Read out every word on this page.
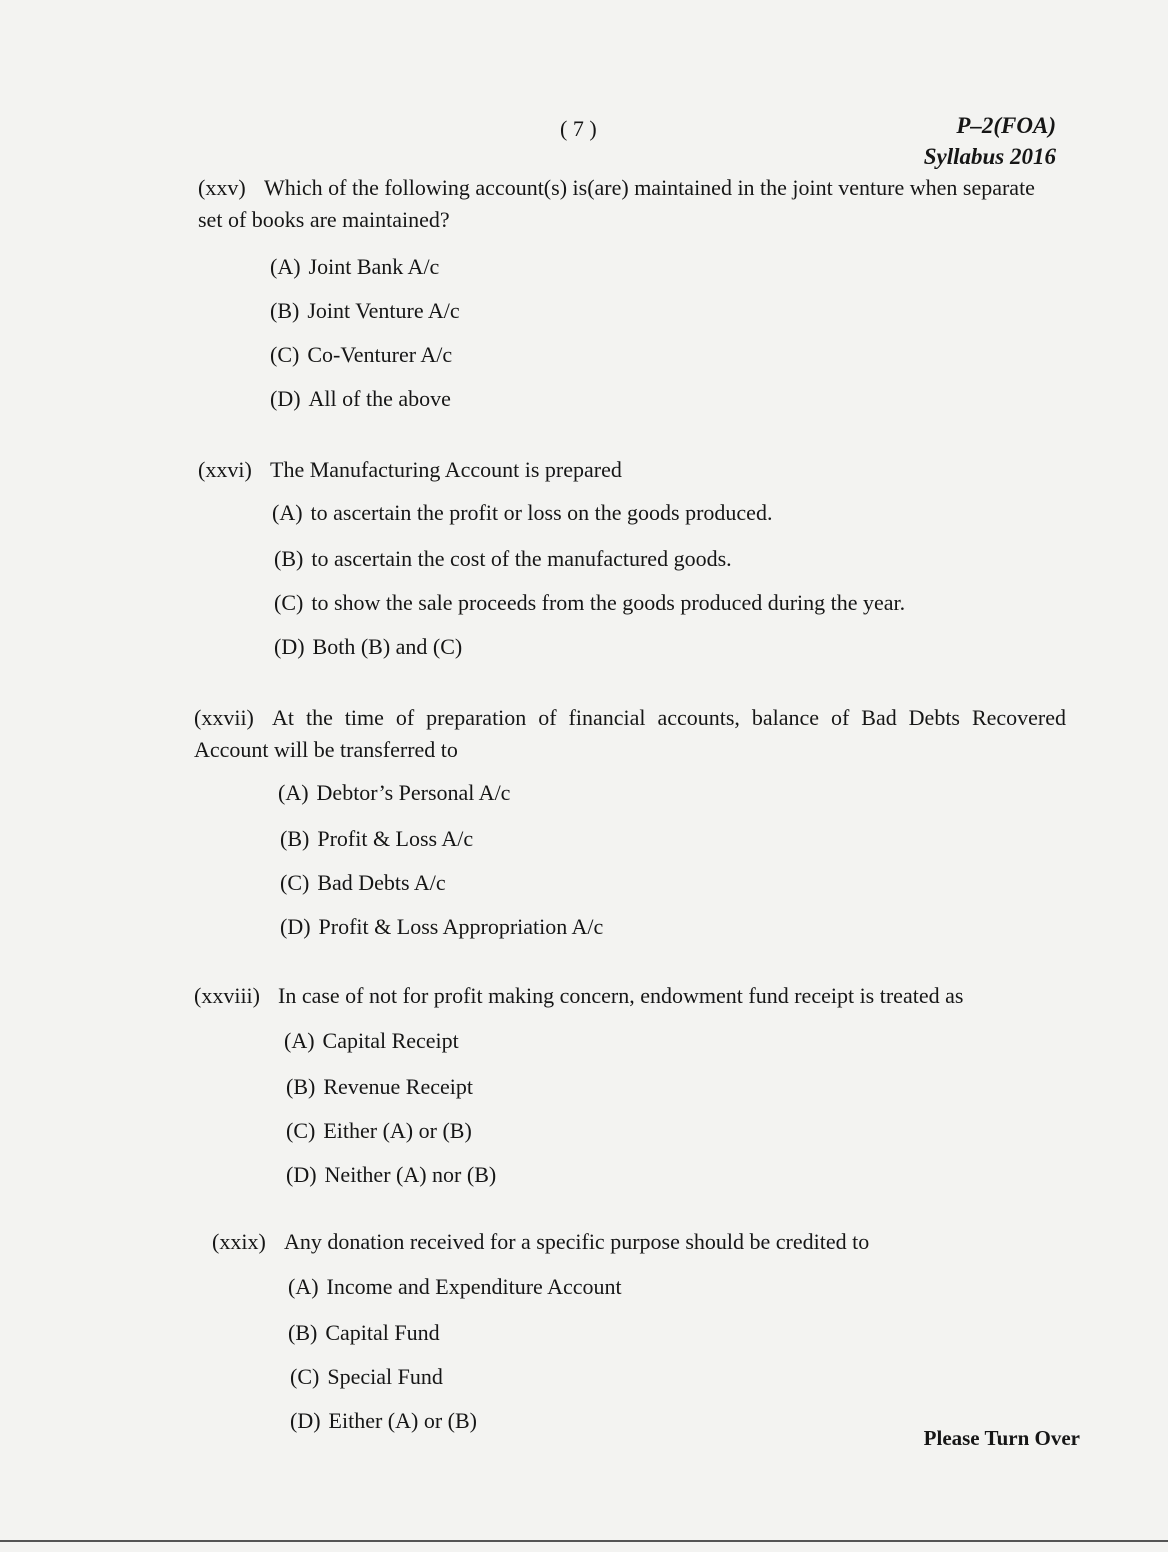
( 7 )	P–2(FOA)
Syllabus 2016
(xxv) Which of the following account(s) is(are) maintained in the joint venture when separate set of books are maintained?
(A) Joint Bank A/c
(B) Joint Venture A/c
(C) Co-Venturer A/c
(D) All of the above
(xxvi) The Manufacturing Account is prepared
(A) to ascertain the profit or loss on the goods produced.
(B) to ascertain the cost of the manufactured goods.
(C) to show the sale proceeds from the goods produced during the year.
(D) Both (B) and (C)
(xxvii) At the time of preparation of financial accounts, balance of Bad Debts Recovered Account will be transferred to
(A) Debtor’s Personal A/c
(B) Profit & Loss A/c
(C) Bad Debts A/c
(D) Profit & Loss Appropriation A/c
(xxviii) In case of not for profit making concern, endowment fund receipt is treated as
(A) Capital Receipt
(B) Revenue Receipt
(C) Either (A) or (B)
(D) Neither (A) nor (B)
(xxix) Any donation received for a specific purpose should be credited to
(A) Income and Expenditure Account
(B) Capital Fund
(C) Special Fund
(D) Either (A) or (B)
Please Turn Over
